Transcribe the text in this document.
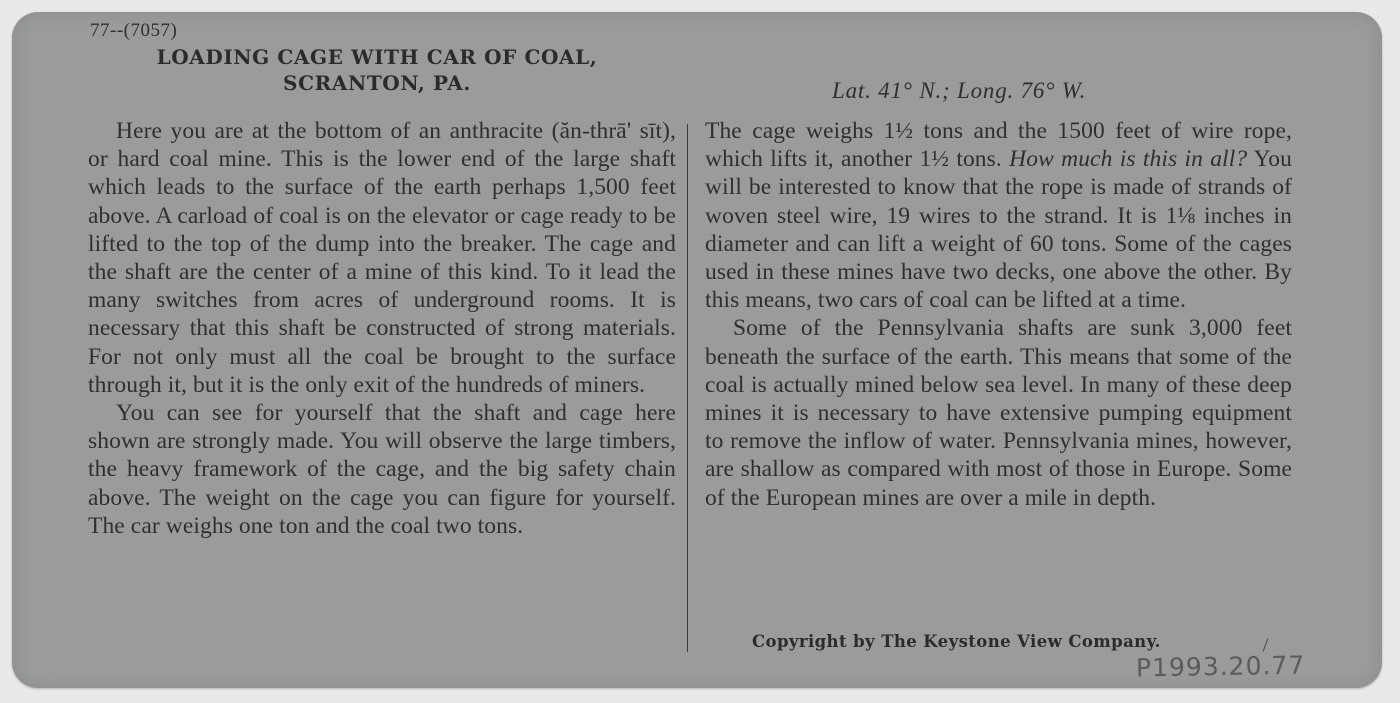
77--(7057)

LOADING CAGE WITH CAR OF COAL,
SCRANTON, PA.	Lat. 41° N.; Long. 76° W.

Here you are at the bottom of an anthracite (ăn-thrā' sīt), or hard coal mine. This is the lower end of the large shaft which leads to the surface of the earth perhaps 1,500 feet above. A carload of coal is on the elevator or cage ready to be lifted to the top of the dump into the breaker. The cage and the shaft are the center of a mine of this kind. To it lead the many switches from acres of underground rooms. It is necessary that this shaft be constructed of strong materials. For not only must all the coal be brought to the surface through it, but it is the only exit of the hundreds of miners.

You can see for yourself that the shaft and cage here shown are strongly made. You will observe the large timbers, the heavy framework of the cage, and the big safety chain above. The weight on the cage you can figure for yourself. The car weighs one ton and the coal two tons.

The cage weighs 1½ tons and the 1500 feet of wire rope, which lifts it, another 1½ tons. How much is this in all? You will be interested to know that the rope is made of strands of woven steel wire, 19 wires to the strand. It is 1⅛ inches in diameter and can lift a weight of 60 tons. Some of the cages used in these mines have two decks, one above the other. By this means, two cars of coal can be lifted at a time.

Some of the Pennsylvania shafts are sunk 3,000 feet beneath the surface of the earth. This means that some of the coal is actually mined below sea level. In many of these deep mines it is necessary to have extensive pumping equipment to remove the inflow of water. Pennsylvania mines, however, are shallow as compared with most of those in Europe. Some of the European mines are over a mile in depth.

Copyright by The Keystone View Company.

P1993.20.77
